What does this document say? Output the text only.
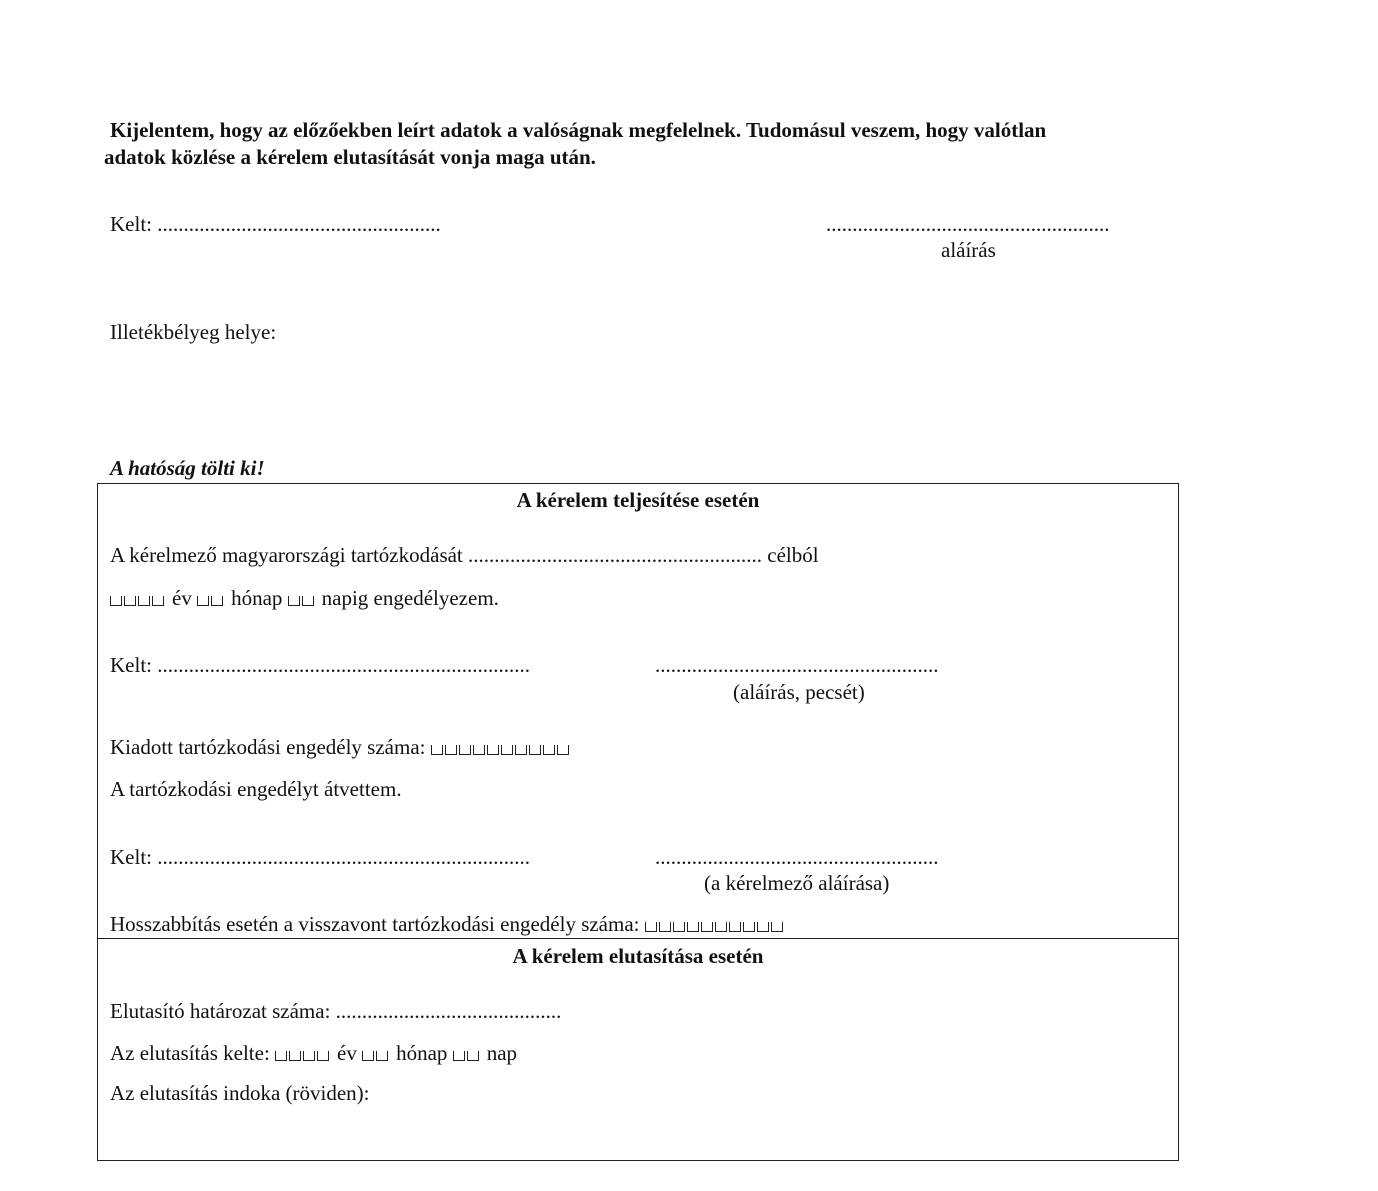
Kijelentem, hogy az előzőekben leírt adatok a valóságnak megfelelnek. Tudomásul veszem, hogy valótlan
adatok közlése a kérelem elutasítását vonja maga után.
Kelt: ......................................................	......................................................
aláírás
Illetékbélyeg helye:
A hatóság tölti ki!
A kérelem teljesítése esetén
A kérelmező magyarországi tartózkodását ........................................................ célból
év hónap napig engedélyezem.
Kelt: .......................................................................	......................................................
(aláírás, pecsét)
Kiadott tartózkodási engedély száma:
A tartózkodási engedélyt átvettem.
Kelt: .......................................................................	......................................................
(a kérelmező aláírása)
Hosszabbítás esetén a visszavont tartózkodási engedély száma:
A kérelem elutasítása esetén
Elutasító határozat száma: ...........................................
Az elutasítás kelte:	év hónap nap
Az elutasítás indoka (röviden):
